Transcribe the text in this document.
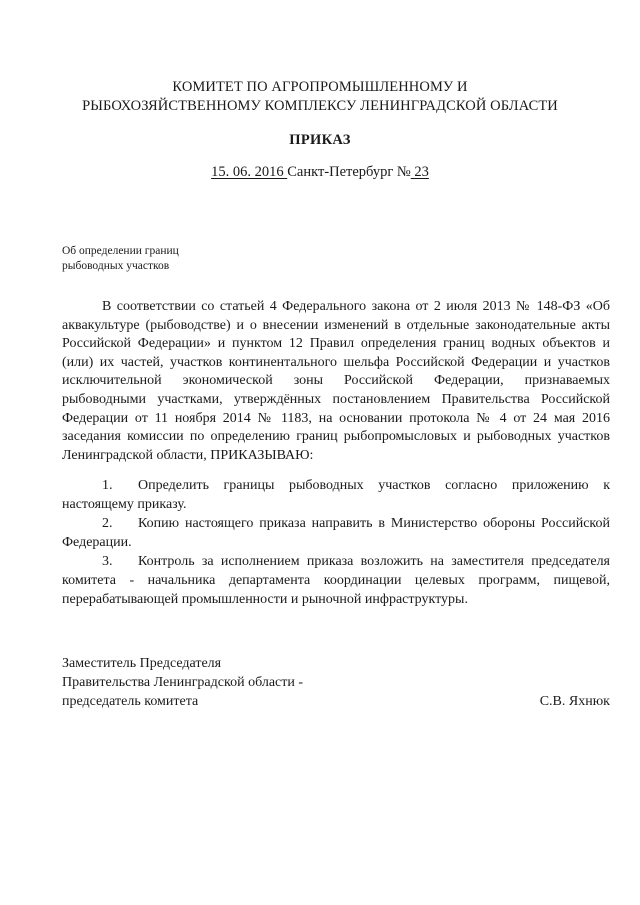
КОМИТЕТ ПО АГРОПРОМЫШЛЕННОМУ И
РЫБОХОЗЯЙСТВЕННОМУ КОМПЛЕКСУ ЛЕНИНГРАДСКОЙ ОБЛАСТИ
ПРИКАЗ
15. 06. 2016 Санкт-Петербург № 23
Об определении границ
рыбоводных участков
В соответствии со статьей 4 Федерального закона от 2 июля 2013 № 148-ФЗ «Об аквакультуре (рыбоводстве) и о внесении изменений в отдельные законодательные акты Российской Федерации» и пунктом 12 Правил определения границ водных объектов и (или) их частей, участков континентального шельфа Российской Федерации и участков исключительной экономической зоны Российской Федерации, признаваемых рыбоводными участками, утверждённых постановлением Правительства Российской Федерации от 11 ноября 2014 № 1183, на основании протокола № 4 от 24 мая 2016 заседания комиссии по определению границ рыбопромысловых и рыбоводных участков Ленинградской области, ПРИКАЗЫВАЮ:
1. Определить границы рыбоводных участков согласно приложению к настоящему приказу.
2. Копию настоящего приказа направить в Министерство обороны Российской Федерации.
3. Контроль за исполнением приказа возложить на заместителя председателя комитета - начальника департамента координации целевых программ, пищевой, перерабатывающей промышленности и рыночной инфраструктуры.
Заместитель Председателя
Правительства Ленинградской области -
председатель комитета	С.В. Яхнюк
